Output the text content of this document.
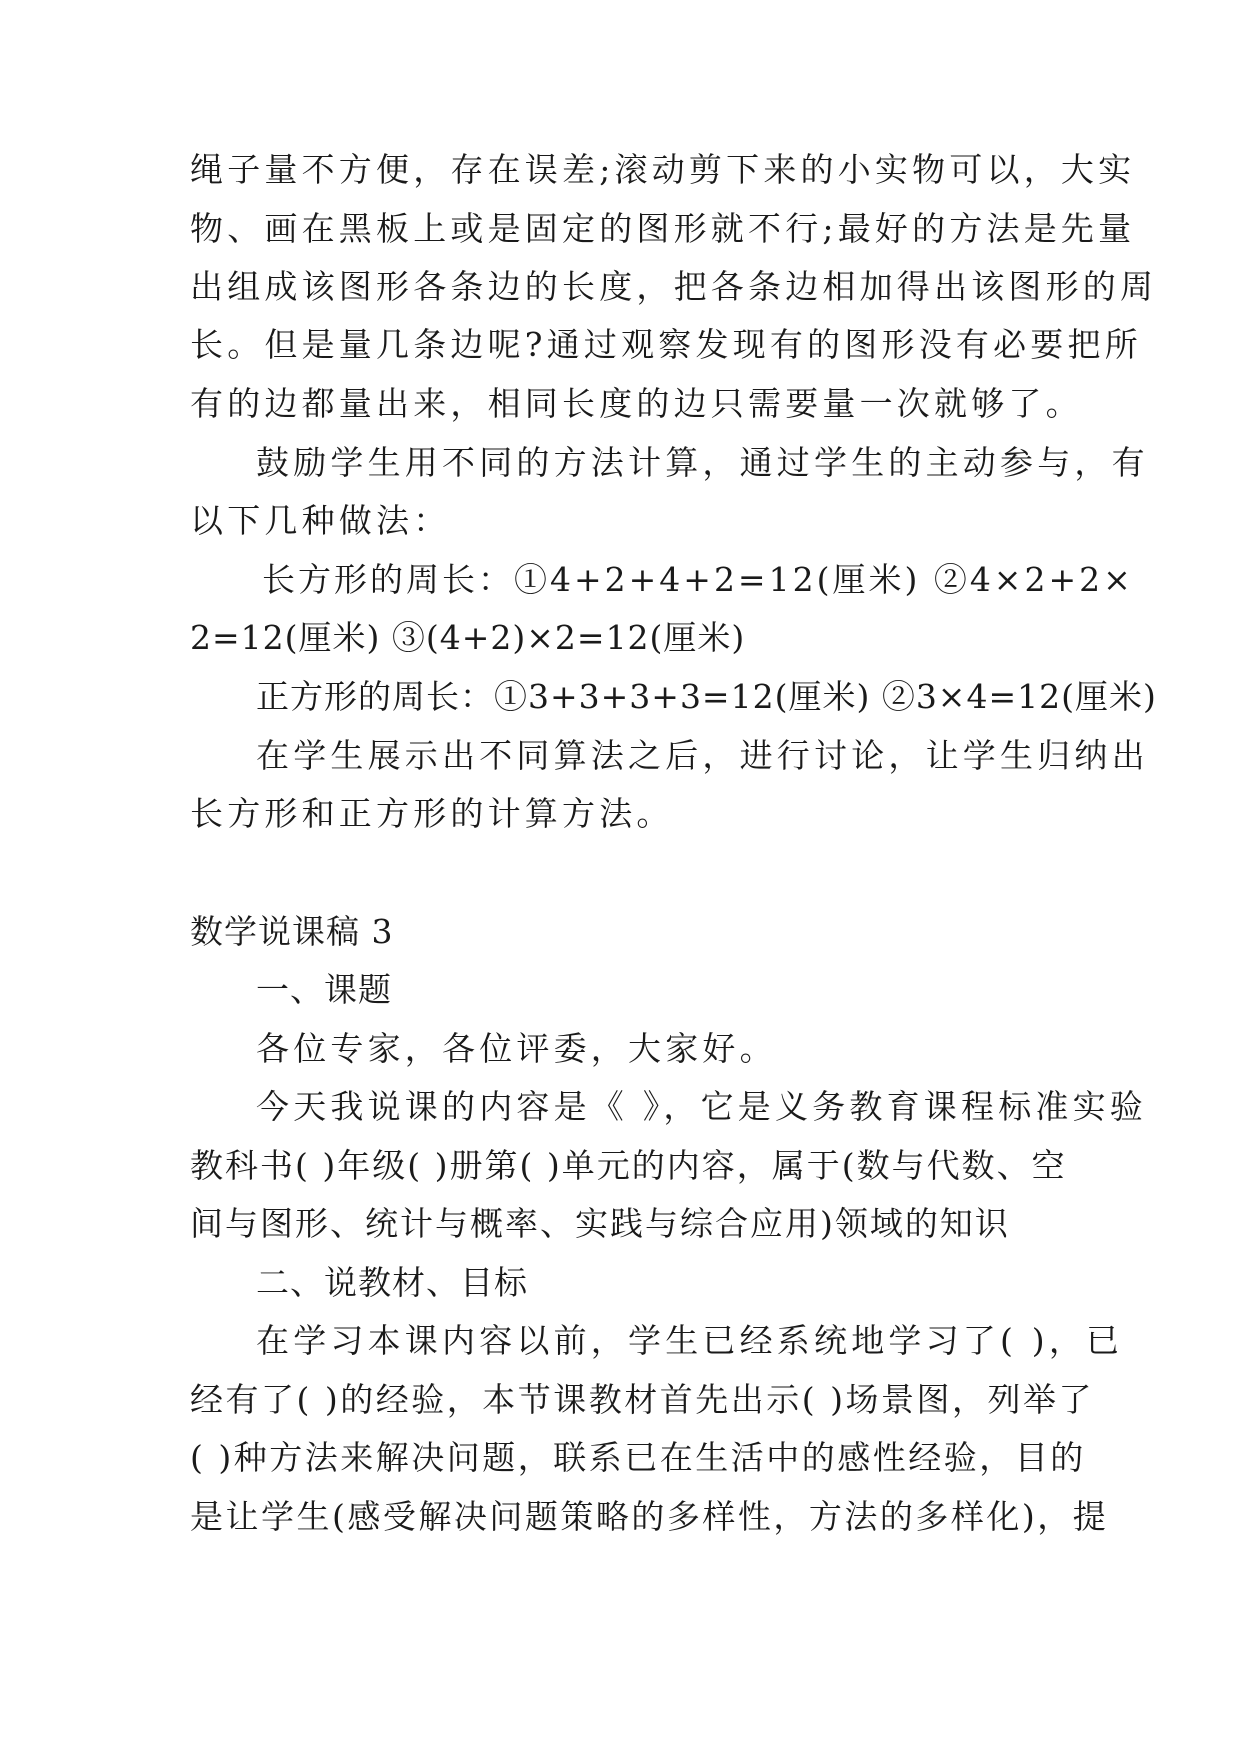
绳子量不方便，存在误差;滚动剪下来的小实物可以，大实
物、画在黑板上或是固定的图形就不行;最好的方法是先量
出组成该图形各条边的长度，把各条边相加得出该图形的周
长。但是量几条边呢?通过观察发现有的图形没有必要把所
有的边都量出来，相同长度的边只需要量一次就够了。
鼓励学生用不同的方法计算，通过学生的主动参与，有
以下几种做法：
长方形的周长：①4+2+4+2=12(厘米) ②4×2+2×
2=12(厘米) ③(4+2)×2=12(厘米)
正方形的周长：①3+3+3+3=12(厘米) ②3×4=12(厘米)
在学生展示出不同算法之后，进行讨论，让学生归纳出
长方形和正方形的计算方法。
数学说课稿 3
一、课题
各位专家，各位评委，大家好。
今天我说课的内容是《 》，它是义务教育课程标准实验
教科书( )年级( )册第( )单元的内容，属于(数与代数、空
间与图形、统计与概率、实践与综合应用)领域的知识
二、说教材、目标
在学习本课内容以前，学生已经系统地学习了( )，已
经有了( )的经验，本节课教材首先出示( )场景图，列举了
( )种方法来解决问题，联系已在生活中的感性经验，目的
是让学生(感受解决问题策略的多样性，方法的多样化)，提
